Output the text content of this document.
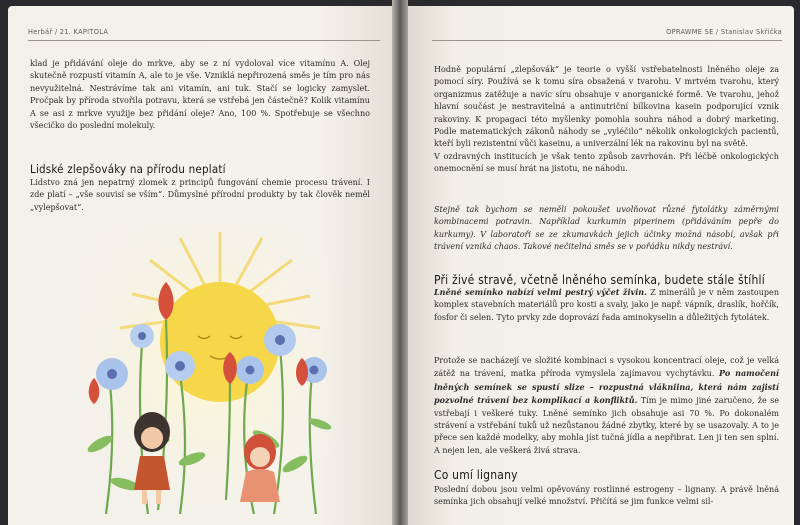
Herbář / 21. KAPITOLA

klad je přidávání oleje do mrkve, aby se z ní vydoloval více vitamínu A. Olej skutečně rozpustí vitamín A, ale to je vše. Vzniklá nepřirozená směs je tím pro nás nevyužitelná. Nestrávíme tak ani vitamín, ani tuk. Stačí se logicky zamyslet. Pročpak by příroda stvořila potravu, která se vstřebá jen částečně? Kolik vitamínu A se asi z mrkve využije bez přidání oleje? Ano, 100 %. Spotřebuje se všechno všecičko do poslední molekuly.

Lidské zlepšováky na přírodu neplatí

Lidstvo zná jen nepatrný zlomek z principů fungování chemie procesu trávení. I zde platí – „vše souvisí se vším“. Důmyslné přírodní produkty by tak člověk neměl „vylepšovat“.

OPRAWME SE / Stanislav Skřička

Hodně populární „zlepšovák“ je teorie o vyšší vstřebatelnosti lněného oleje za pomocí síry. Používá se k tomu síra obsažená v tvarohu. V mrtvém tvarohu, který organizmus zatěžuje a navíc síru obsahuje v anorganické formě. Ve tvarohu, jehož hlavní součást je nestravitelná a antinutriční bílkovina kasein podporující vznik rakoviny. K propagaci této myšlenky pomohla souhra náhod a dobrý marketing. Podle matematických zákonů náhody se „vyléčilo“ několik onkologických pacientů, kteří byli rezistentní vůči kaseinu, a univerzální lék na rakovinu byl na světě.

V ozdravných institucích je však tento způsob zavrhován. Při léčbě onkologických onemocnění se musí hrát na jistotu, ne náhodu.

Stejně tak bychom se neměli pokoušet uvolňovat různé fytolátky záměrnými kombinacemi potravin. Například kurkumin piperinem (přidáváním pepře do kurkumy). V laboratoři se ze zkumavkách jejich účinky možná násobí, avšak při trávení vzniká chaos. Takové nečitelná směs se v pořádku nikdy nestráví.

Při živé stravě, včetně lněného semínka, budete stále štíhlí

Lněné semínko nabízí velmi pestrý výčet živin. Z minerálů je v něm zastoupen komplex stavebních materiálů pro kosti a svaly, jako je např. vápník, draslík, hořčík, fosfor či selen. Tyto prvky zde doprovází řada aminokyselin a důležitých fytolátek.

Protože se nacházejí ve složité kombinaci s vysokou koncentrací oleje, což je velká zátěž na trávení, matka příroda vymyslela zajímavou vychytávku. Po namočení lněných semínek se spustí slize – rozpustná vlákniina, která nám zajistí pozvolné trávení bez komplikací a konfliktů. Tím je mimo jiné zaručeno, že se vstřebají i veškeré tuky. Lněné semínko jich obsahuje asi 70 %. Po dokonalém strávení a vstřebání tuků už nezůstanou žádné zbytky, které by se usazovaly. A to je přece sen každé modelky, aby mohla jíst tučná jídla a nepřibrat. Len ji ten sen splní. A nejen len, ale veškerá živá strava.

Co umí lignany

Poslední dobou jsou velmi opěvovány rostlinné estrogeny – lignany. A právě lněná semínka jich obsahují velké množství. Přičítá se jim funkce velmi sil-
